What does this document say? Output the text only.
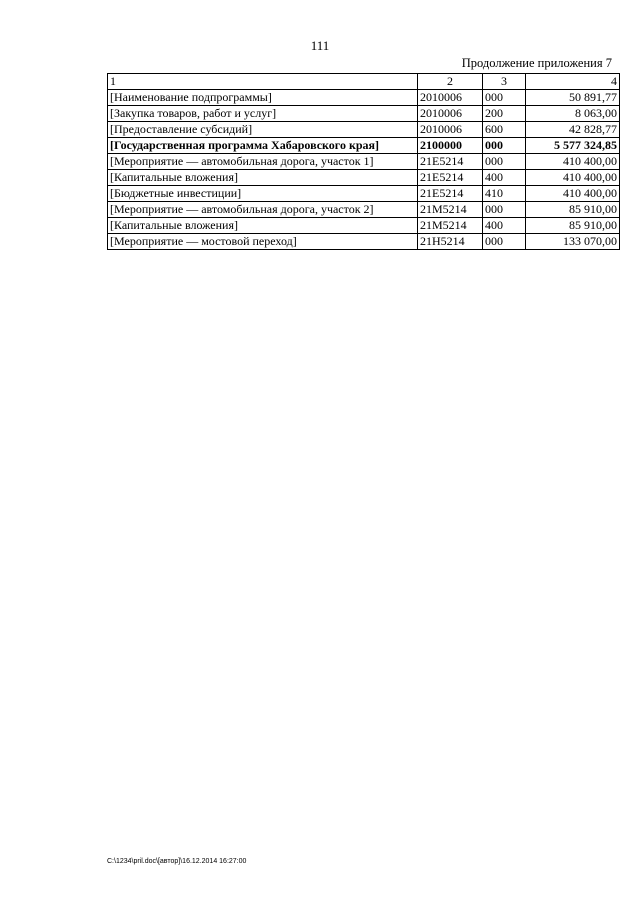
111
Продолжение приложения 7
1	2	3	4
[Наименование подпрограммы]	2010006	000	50 891,77
[Закупка товаров, работ и услуг]	2010006	200	8 063,00
[Предоставление субсидий]	2010006	600	42 828,77
[Государственная программа Хабаровского края]	2100000	000	5 577 324,85
[Мероприятие — автомобильная дорога, участок 1]	21E5214	000	410 400,00
[Капитальные вложения]	21E5214	400	410 400,00
[Бюджетные инвестиции]	21E5214	410	410 400,00
[Мероприятие — автомобильная дорога, участок 2]	21M5214	000	85 910,00
[Капитальные вложения]	21M5214	400	85 910,00
[Мероприятие — мостовой переход]	21H5214	000	133 070,00
C:\1234\pril.doc\[автор]\16.12.2014 16:27:00
